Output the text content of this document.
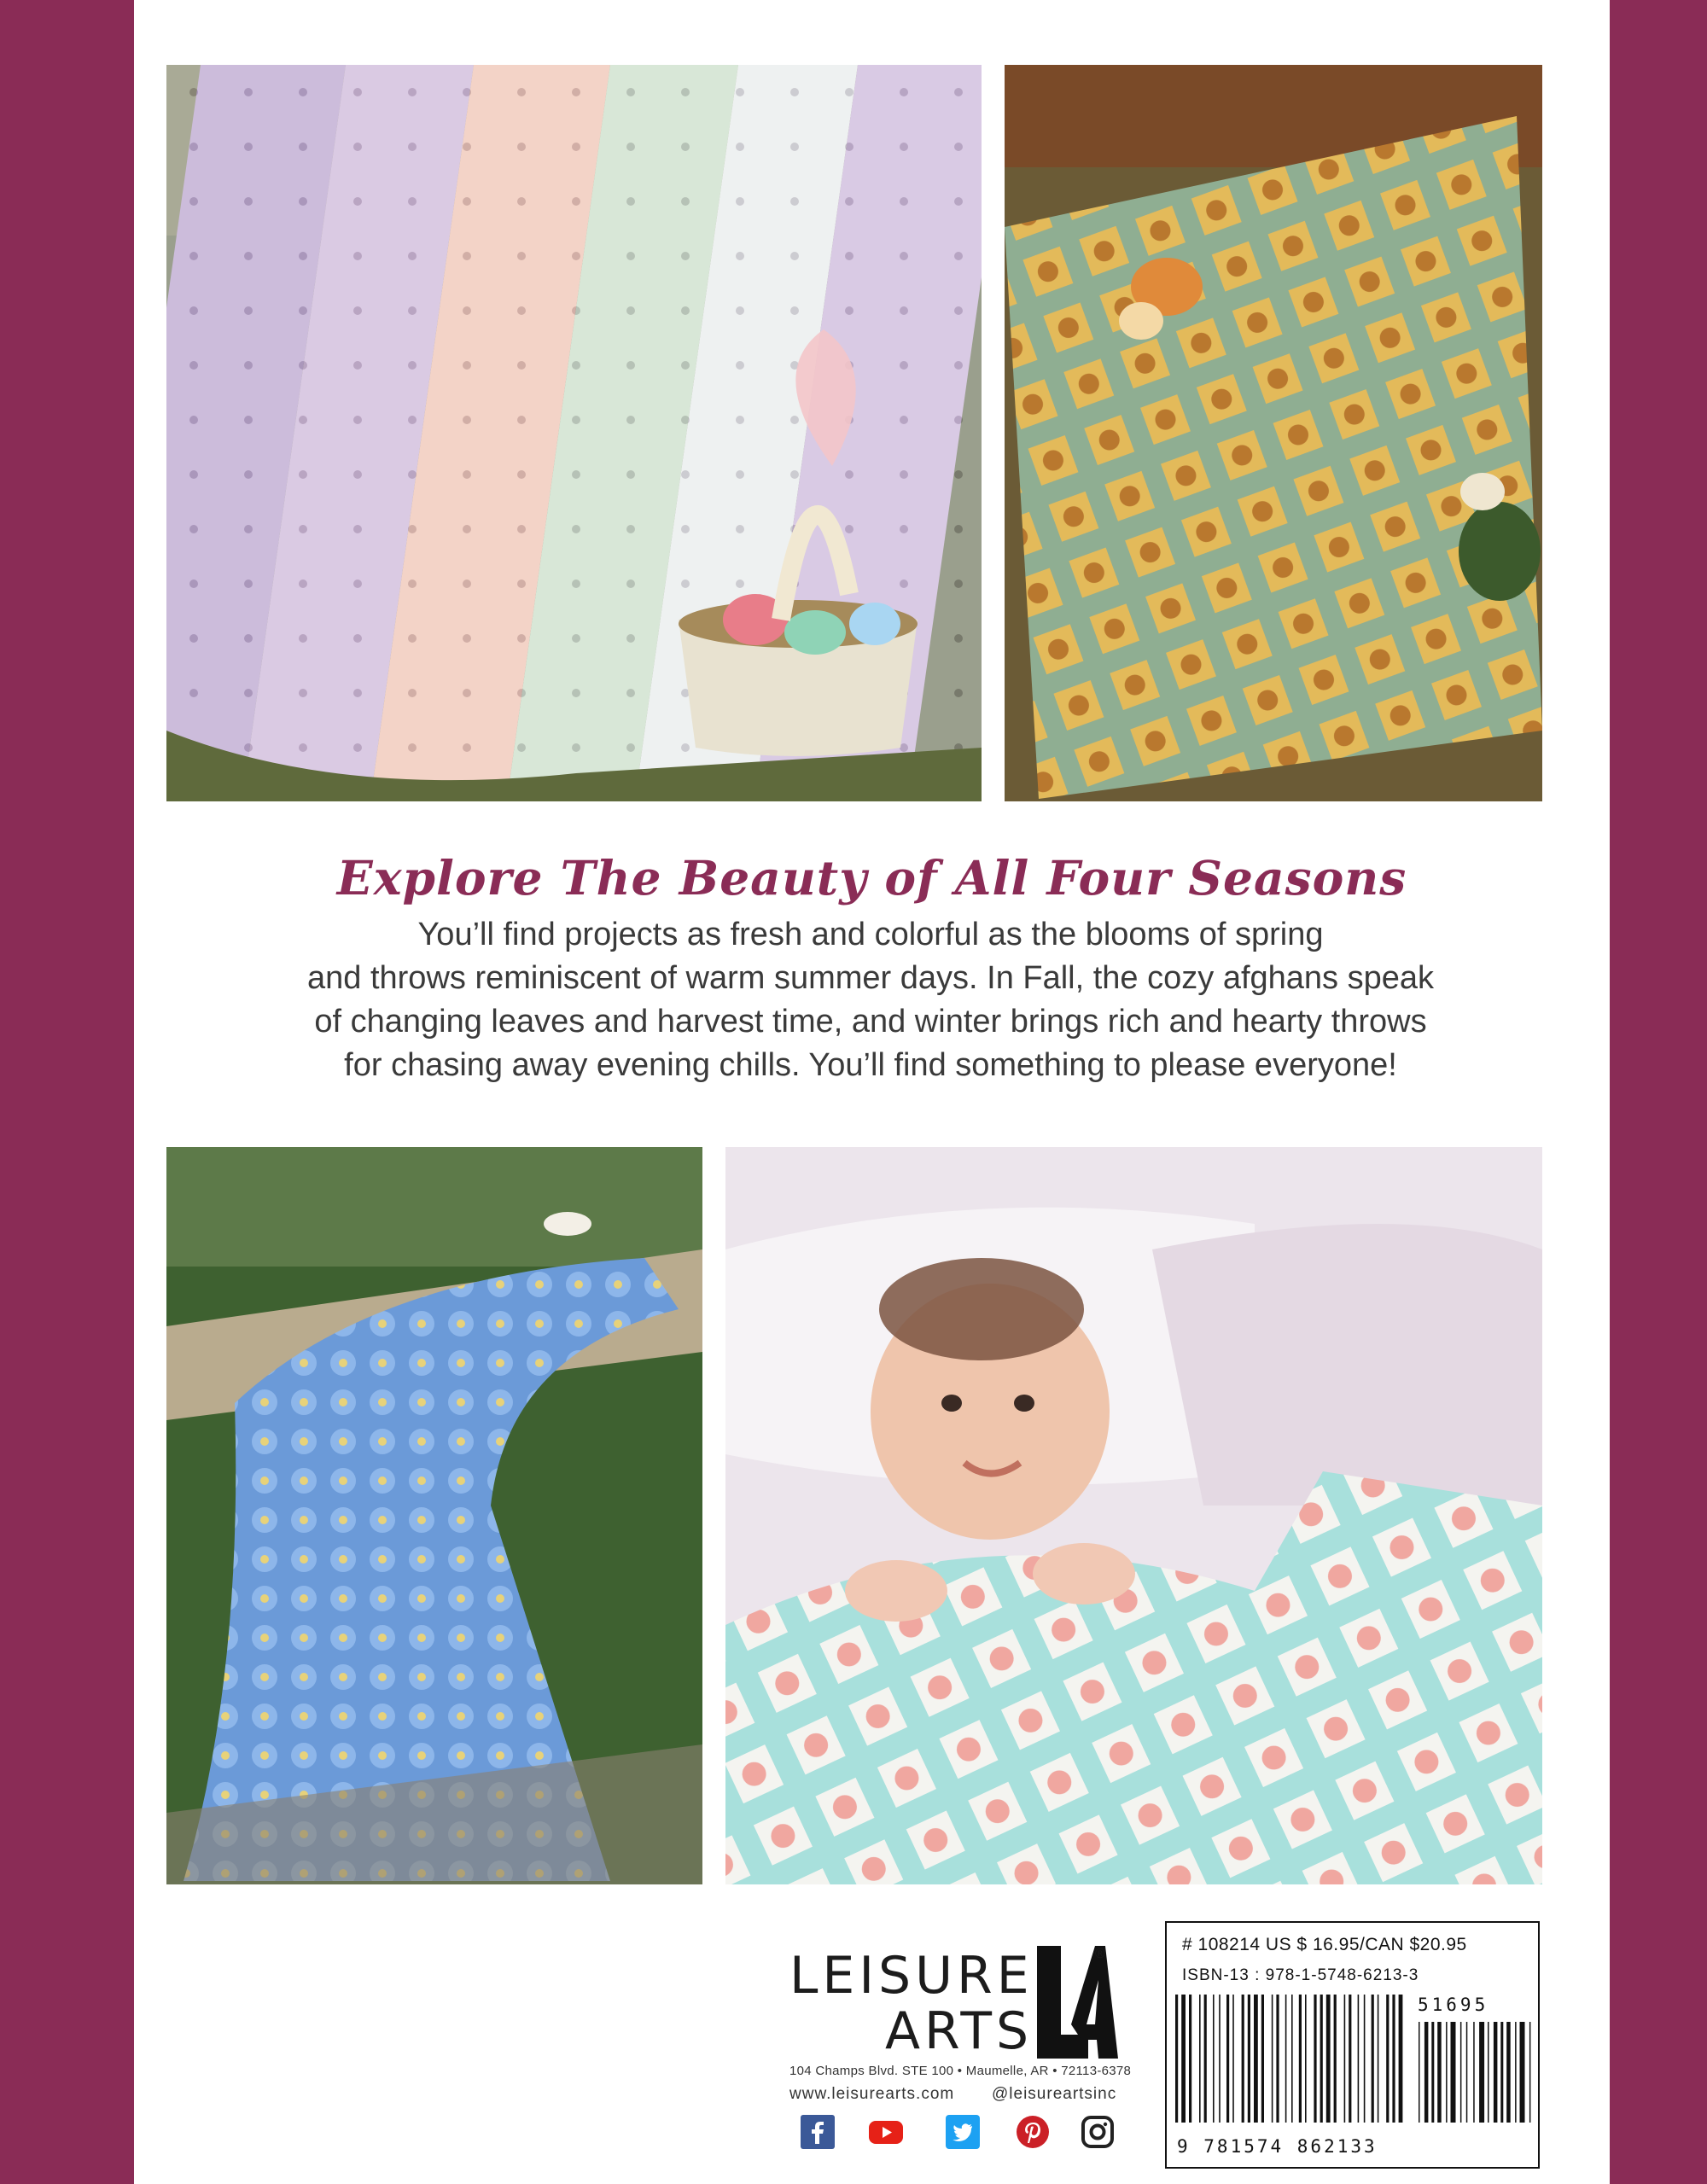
Explore The Beauty of All Four Seasons
You’ll find projects as fresh and colorful as the blooms of spring
and throws reminiscent of warm summer days. In Fall, the cozy afghans speak
of changing leaves and harvest time, and winter brings rich and hearty throws
for chasing away evening chills. You’ll find something to please everyone!
LEISURE
ARTS
®
104 Champs Blvd. STE 100 • Maumelle, AR • 72113-6378
www.leisurearts.com @leisureartsinc
# 108214 US $ 16.95/CAN $20.95
ISBN-13 : 978-1-5748-6213-3
51695
9 781574 862133
